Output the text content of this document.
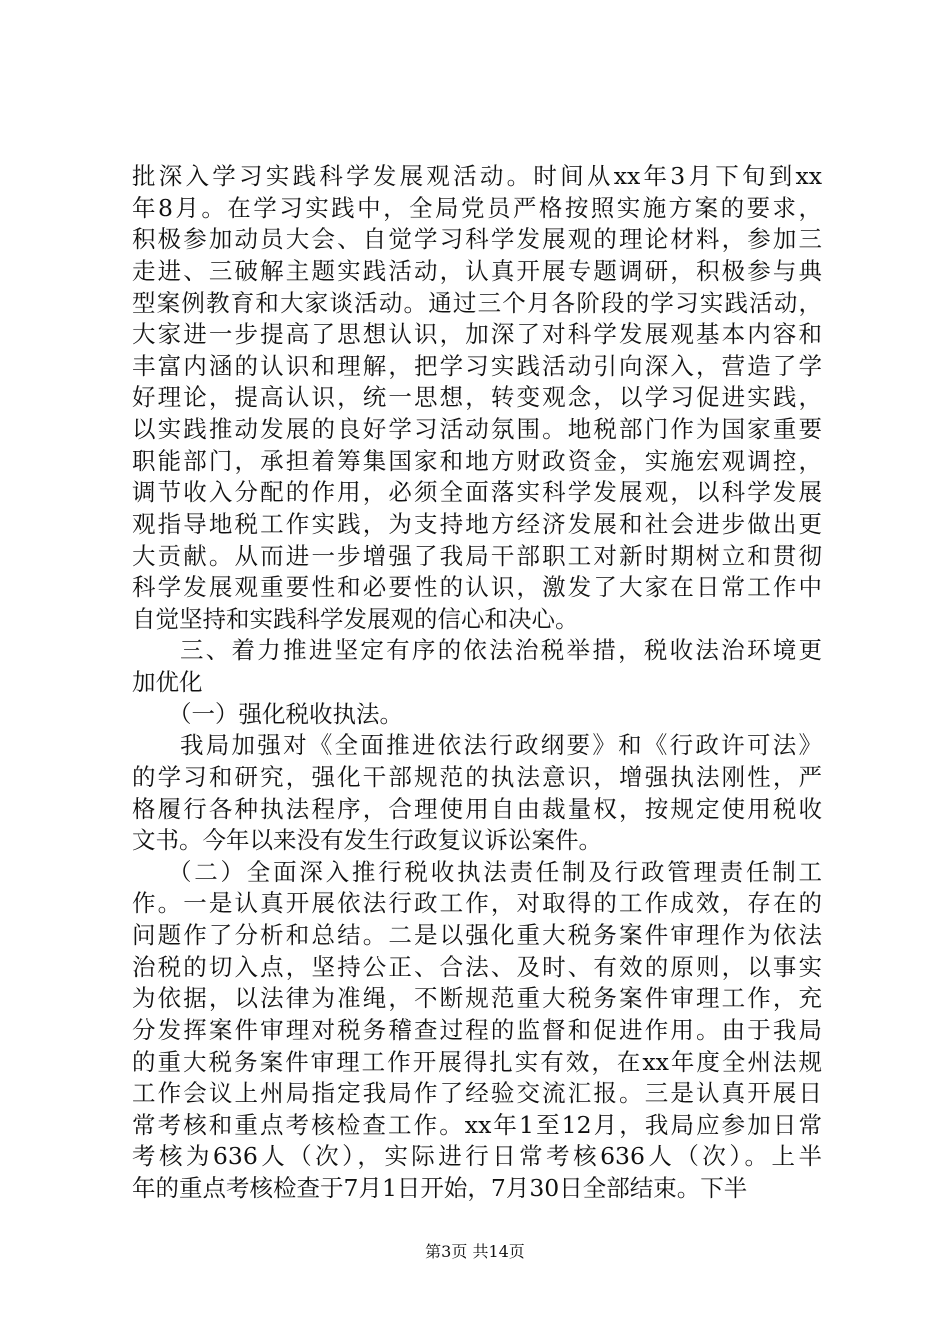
批深入学习实践科学发展观活动。时间从xx年3月下旬到xx
年8月。在学习实践中，全局党员严格按照实施方案的要求，
积极参加动员大会、自觉学习科学发展观的理论材料，参加三
走进、三破解主题实践活动，认真开展专题调研，积极参与典
型案例教育和大家谈活动。通过三个月各阶段的学习实践活动，
大家进一步提高了思想认识，加深了对科学发展观基本内容和
丰富内涵的认识和理解，把学习实践活动引向深入，营造了学
好理论，提高认识，统一思想，转变观念，以学习促进实践，
以实践推动发展的良好学习活动氛围。地税部门作为国家重要
职能部门，承担着筹集国家和地方财政资金，实施宏观调控，
调节收入分配的作用，必须全面落实科学发展观，以科学发展
观指导地税工作实践，为支持地方经济发展和社会进步做出更
大贡献。从而进一步增强了我局干部职工对新时期树立和贯彻
科学发展观重要性和必要性的认识，激发了大家在日常工作中
自觉坚持和实践科学发展观的信心和决心。
三、着力推进坚定有序的依法治税举措，税收法治环境更
加优化
（一）强化税收执法。
我局加强对《全面推进依法行政纲要》和《行政许可法》
的学习和研究，强化干部规范的执法意识，增强执法刚性，严
格履行各种执法程序，合理使用自由裁量权，按规定使用税收
文书。今年以来没有发生行政复议诉讼案件。
（二）全面深入推行税收执法责任制及行政管理责任制工
作。一是认真开展依法行政工作，对取得的工作成效，存在的
问题作了分析和总结。二是以强化重大税务案件审理作为依法
治税的切入点，坚持公正、合法、及时、有效的原则，以事实
为依据，以法律为准绳，不断规范重大税务案件审理工作，充
分发挥案件审理对税务稽查过程的监督和促进作用。由于我局
的重大税务案件审理工作开展得扎实有效，在xx年度全州法规
工作会议上州局指定我局作了经验交流汇报。三是认真开展日
常考核和重点考核检查工作。xx年1至12月，我局应参加日常
考核为636人（次），实际进行日常考核636人（次）。上半
年的重点考核检查于7月1日开始，7月30日全部结束。下半
第3页 共14页
